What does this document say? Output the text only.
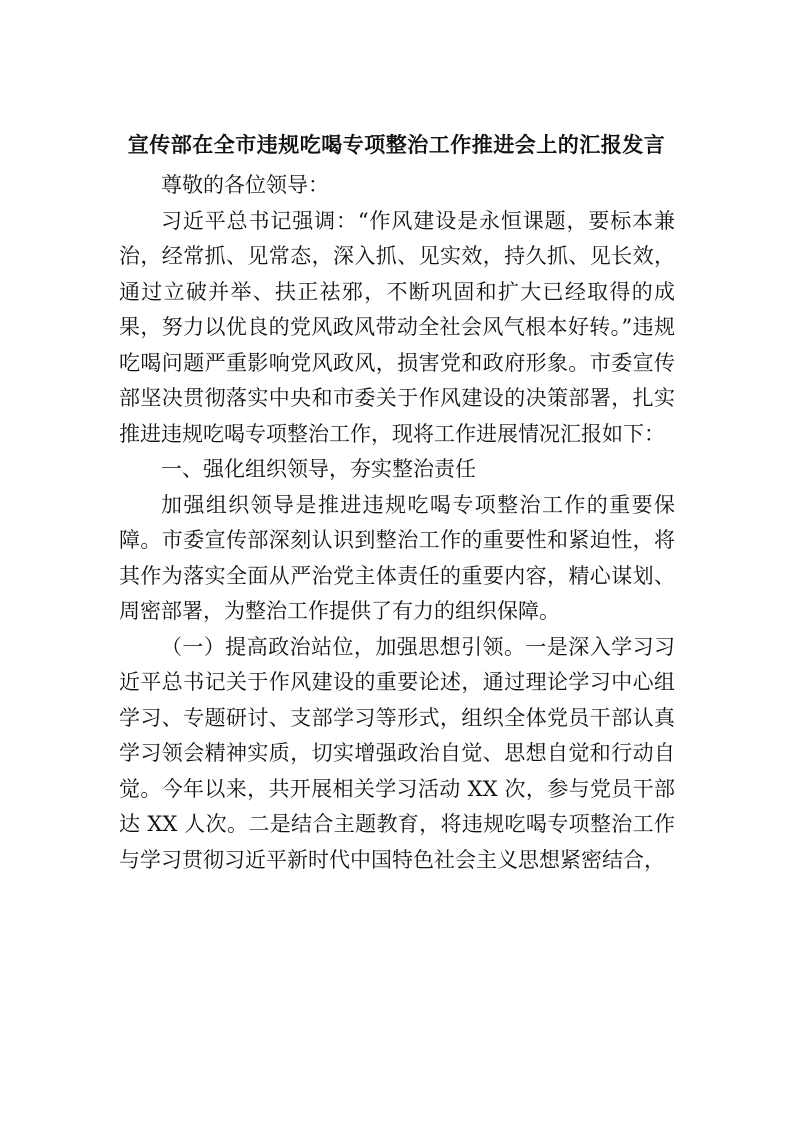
宣传部在全市违规吃喝专项整治工作推进会上的汇报发言

尊敬的各位领导：

习近平总书记强调：“作风建设是永恒课题，要标本兼治，经常抓、见常态，深入抓、见实效，持久抓、见长效，通过立破并举、扶正祛邪，不断巩固和扩大已经取得的成果，努力以优良的党风政风带动全社会风气根本好转。”违规吃喝问题严重影响党风政风，损害党和政府形象。市委宣传部坚决贯彻落实中央和市委关于作风建设的决策部署，扎实推进违规吃喝专项整治工作，现将工作进展情况汇报如下：

一、强化组织领导，夯实整治责任

加强组织领导是推进违规吃喝专项整治工作的重要保障。市委宣传部深刻认识到整治工作的重要性和紧迫性，将其作为落实全面从严治党主体责任的重要内容，精心谋划、周密部署，为整治工作提供了有力的组织保障。

（一）提高政治站位，加强思想引领。一是深入学习习近平总书记关于作风建设的重要论述，通过理论学习中心组学习、专题研讨、支部学习等形式，组织全体党员干部认真学习领会精神实质，切实增强政治自觉、思想自觉和行动自觉。今年以来，共开展相关学习活动 XX 次，参与党员干部达 XX 人次。二是结合主题教育，将违规吃喝专项整治工作与学习贯彻习近平新时代中国特色社会主义思想紧密结合，
